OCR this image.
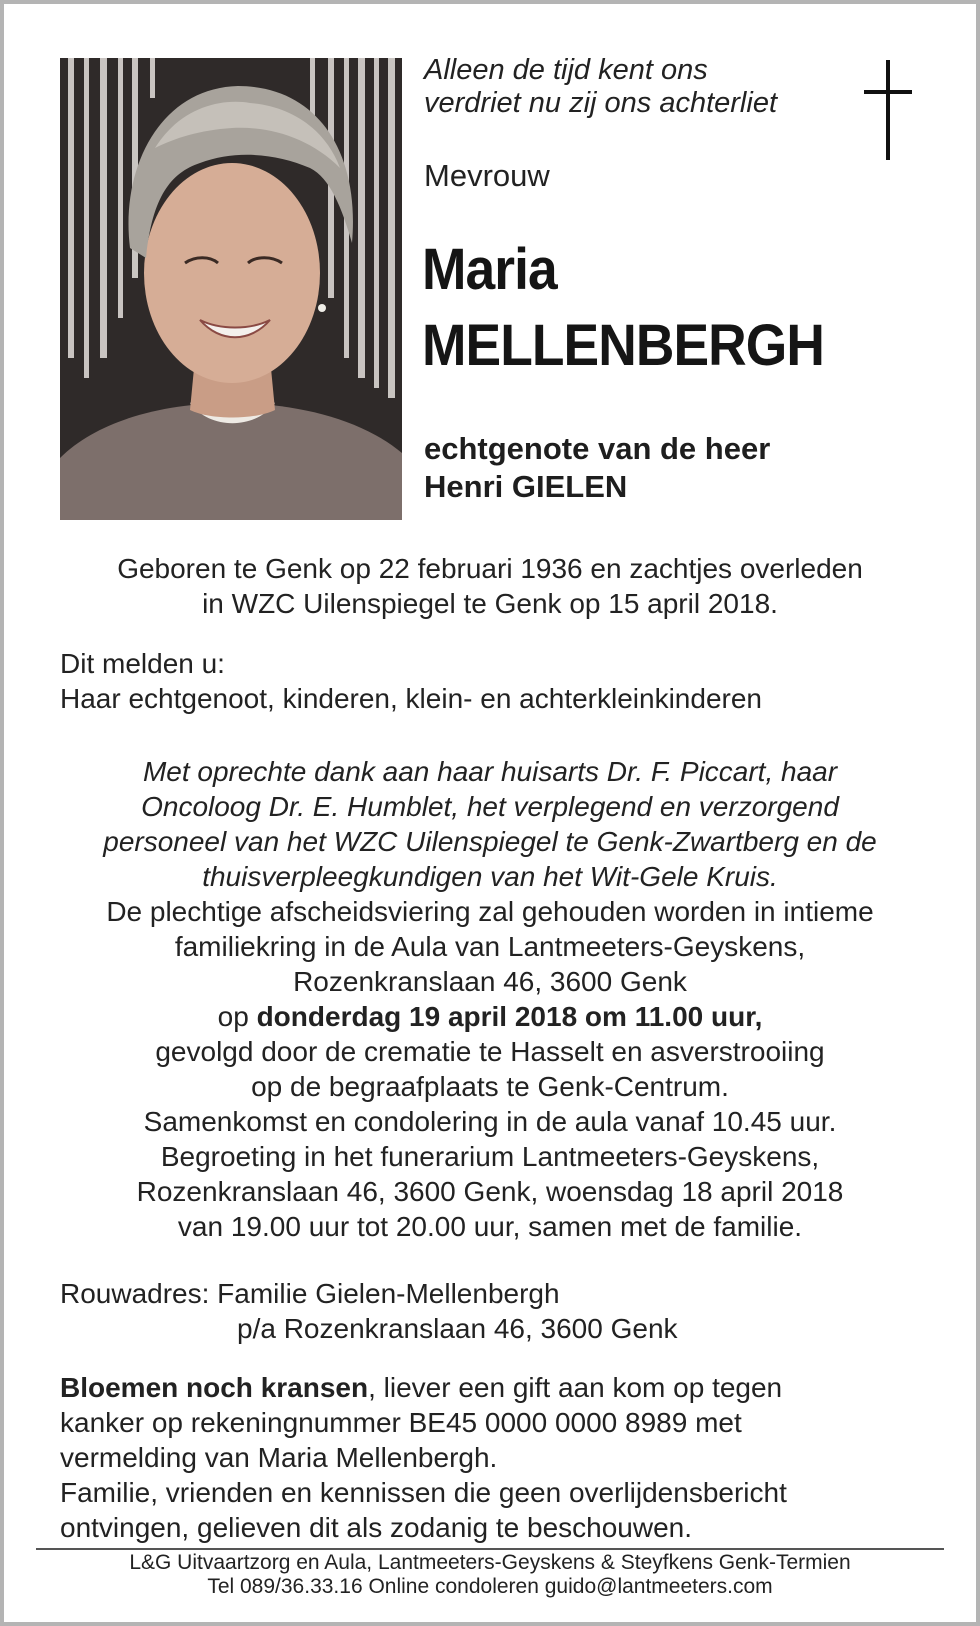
Alleen de tijd kent ons
verdriet nu zij ons achterliet
Mevrouw
Maria
MELLENBERGH
echtgenote van de heer
Henri GIELEN
Geboren te Genk op 22 februari 1936 en zachtjes overleden
in WZC Uilenspiegel te Genk op 15 april 2018.
Dit melden u:
Haar echtgenoot, kinderen, klein- en achterkleinkinderen
Met oprechte dank aan haar huisarts Dr. F. Piccart, haar
Oncoloog Dr. E. Humblet, het verplegend en verzorgend
personeel van het WZC Uilenspiegel te Genk-Zwartberg en de
thuisverpleegkundigen van het Wit-Gele Kruis.
De plechtige afscheidsviering zal gehouden worden in intieme
familiekring in de Aula van Lantmeeters-Geyskens,
Rozenkranslaan 46, 3600 Genk
op donderdag 19 april 2018 om 11.00 uur,
gevolgd door de crematie te Hasselt en asverstrooiing
op de begraafplaats te Genk-Centrum.
Samenkomst en condolering in de aula vanaf 10.45 uur.
Begroeting in het funerarium Lantmeeters-Geyskens,
Rozenkranslaan 46, 3600 Genk, woensdag 18 april 2018
van 19.00 uur tot 20.00 uur, samen met de familie.
Rouwadres: Familie Gielen-Mellenbergh
p/a Rozenkranslaan 46, 3600 Genk
Bloemen noch kransen, liever een gift aan kom op tegen
kanker op rekeningnummer BE45 0000 0000 8989 met
vermelding van Maria Mellenbergh.
Familie, vrienden en kennissen die geen overlijdensbericht
ontvingen, gelieven dit als zodanig te beschouwen.
L&G Uitvaartzorg en Aula, Lantmeeters-Geyskens & Steyfkens Genk-Termien
Tel 089/36.33.16 Online condoleren guido@lantmeeters.com
